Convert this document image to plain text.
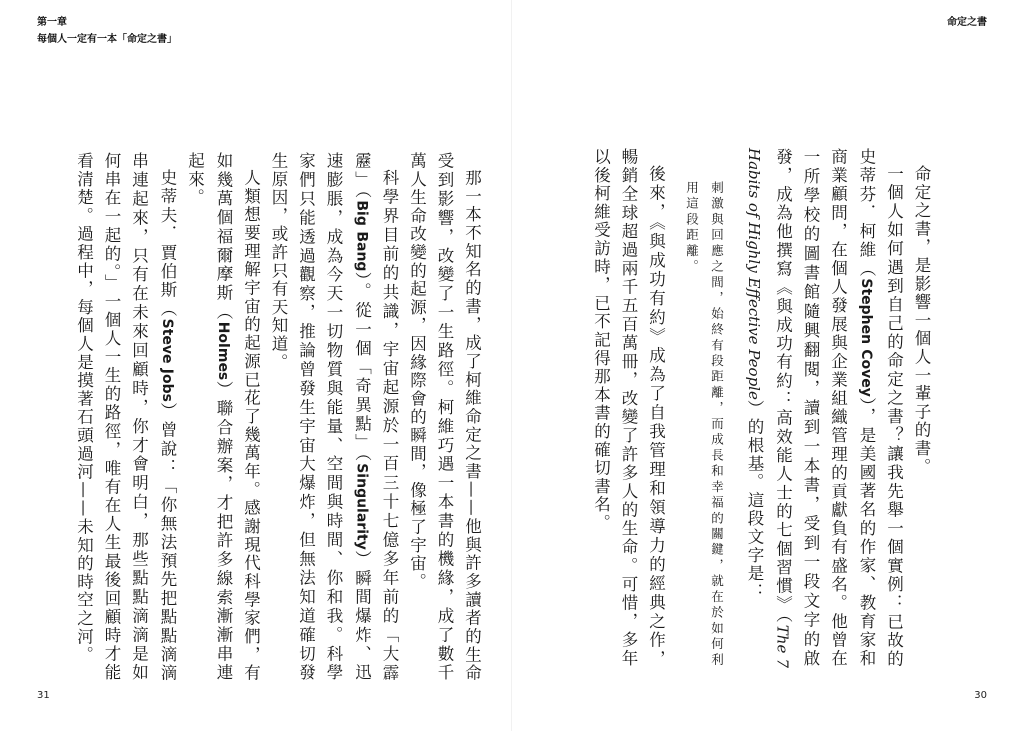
第一章
每個人一定有一本「命定之書」

那一本不知名的書，成了柯維命定之書——他與許多讀者的生命受到影響，改變了一生路徑。柯維巧遇一本書的機緣，成了數千萬人生命改變的起源，因緣際會的瞬間，像極了宇宙。

科學界目前的共識，宇宙起源於一百三十七億多年前的「大霹靂」（Big Bang）。從一個「奇異點」（Singularity）瞬間爆炸、迅速膨脹，成為今天一切物質與能量、空間與時間、你和我。科學家們只能透過觀察，推論曾發生宇宙大爆炸，但無法知道確切發生原因，或許只有天知道。

人類想要理解宇宙的起源已花了幾萬年。感謝現代科學家們，有如幾萬個福爾摩斯（Holmes）聯合辦案，才把許多線索漸漸串連起來。

史蒂夫．賈伯斯（Steve Jobs）曾說：「你無法預先把點點滴滴串連起來，只有在未來回顧時，你才會明白，那些點點滴滴是如何串在一起的。」一個人一生的路徑，唯有在人生最後回顧時才能看清楚。過程中，每個人是摸著石頭過河——未知的時空之河。

31
命定之書

命定之書，是影響一個人一輩子的書。

一個人如何遇到自己的命定之書？讓我先舉一個實例：已故的史蒂芬．柯維（Stephen Covey），是美國著名的作家、教育家和商業顧問，在個人發展與企業組織管理的貢獻負有盛名。他曾在一所學校的圖書館隨興翻閱，讀到一本書，受到一段文字的啟發，成為他撰寫《與成功有約：高效能人士的七個習慣》（The 7 Habits of Highly Effective People）的根基。這段文字是：

刺激與回應之間，始終有段距離，而成長和幸福的關鍵，就在於如何利用這段距離。

後來，《與成功有約》成為了自我管理和領導力的經典之作，暢銷全球超過兩千五百萬冊，改變了許多人的生命。可惜，多年以後柯維受訪時，已不記得那本書的確切書名。

30
